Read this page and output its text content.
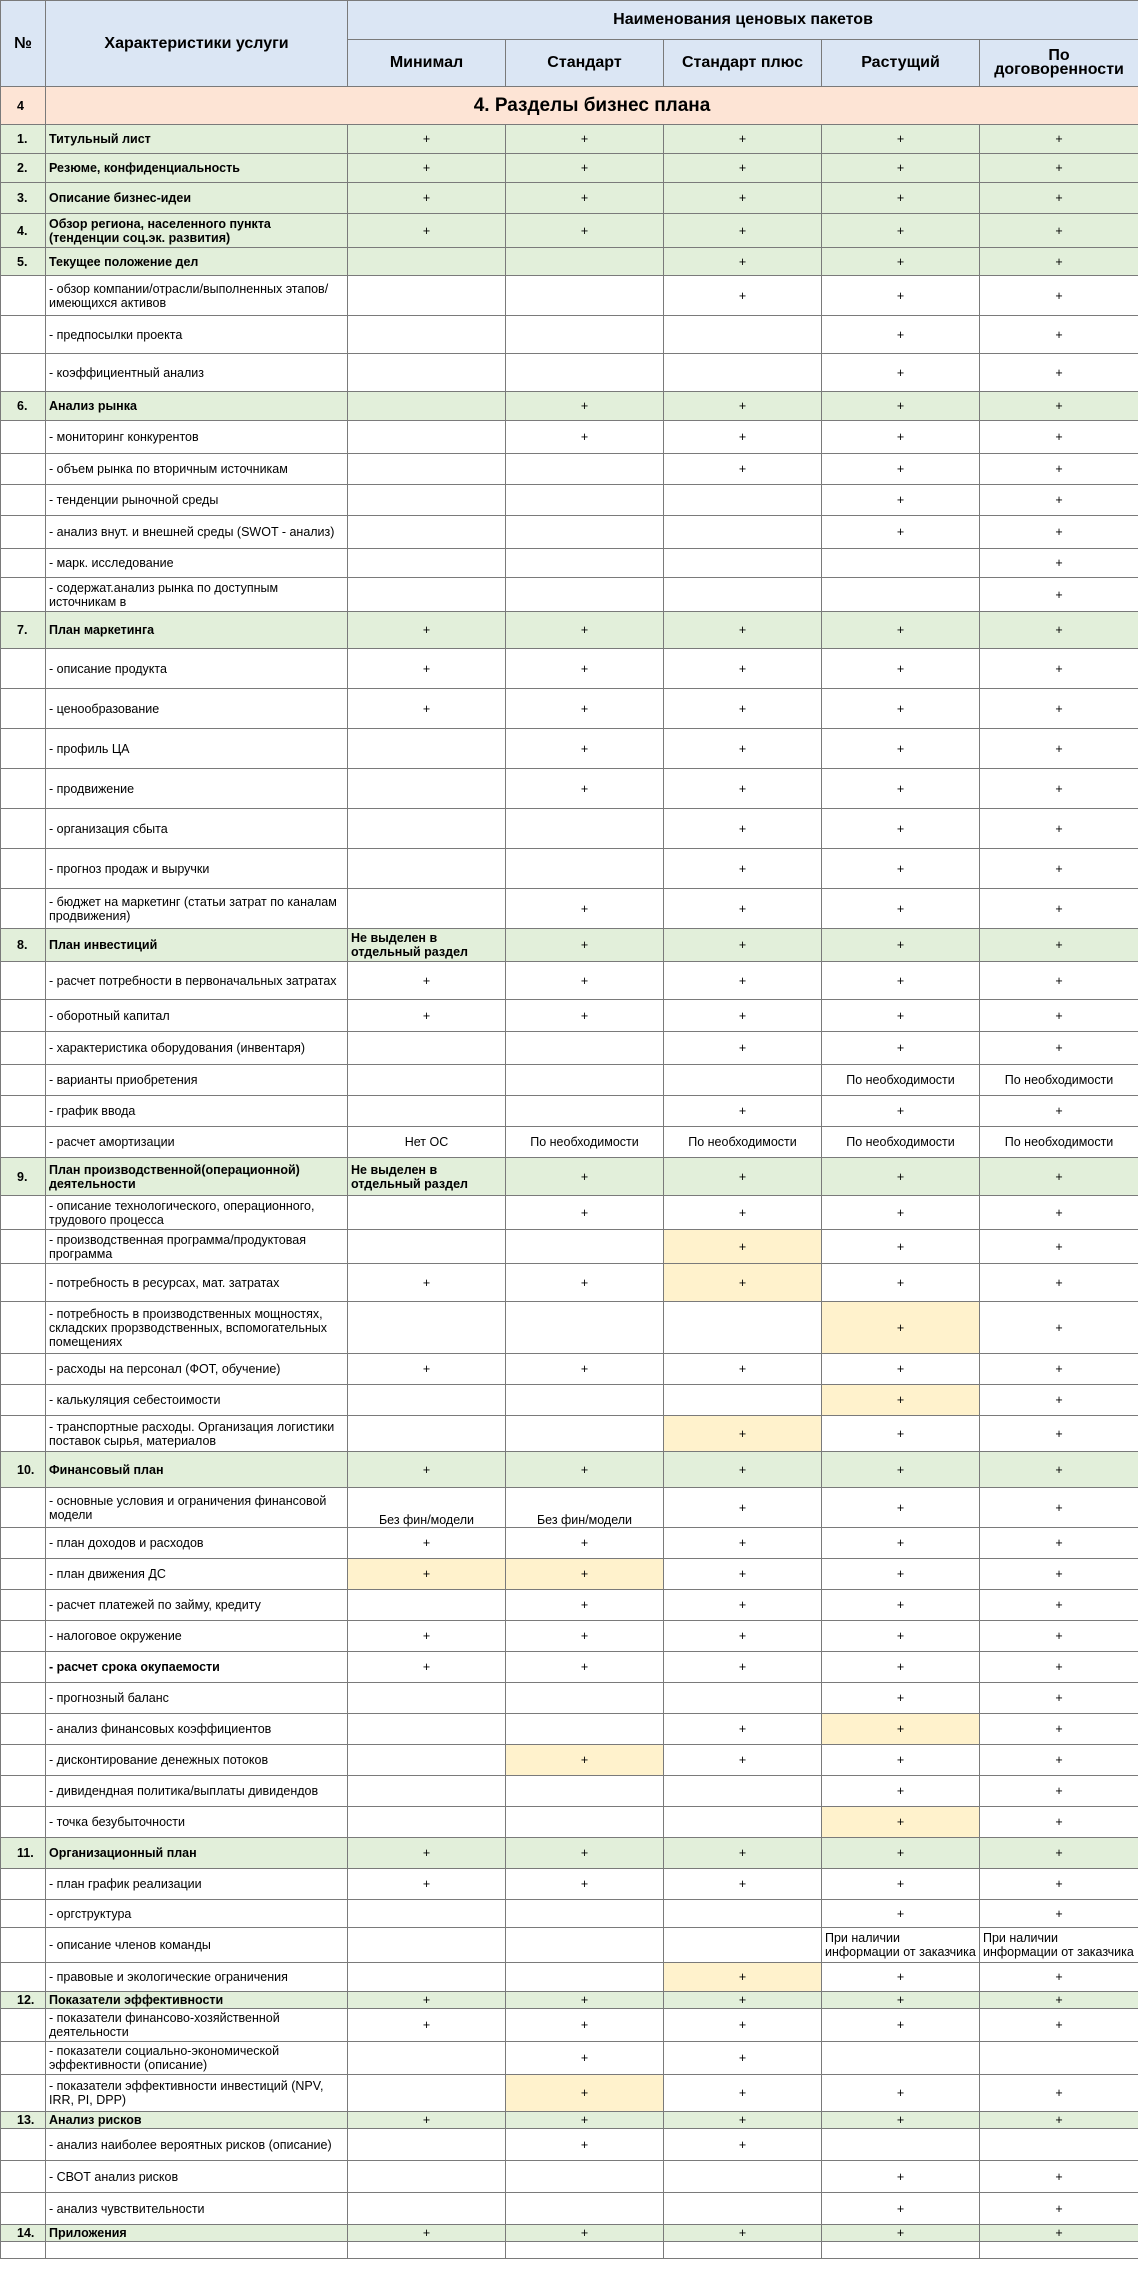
№	Характеристики услуги	Наименования ценовых пакетов				
		Минимал	Стандарт	Стандарт плюс	Растущий	По договоренности
4	4. Разделы бизнес плана					
1.	Титульный лист	+	+	+	+	+
2.	Резюме, конфиденциальность	+	+	+	+	+
3.	Описание бизнес-идеи	+	+	+	+	+
4.	Обзор региона, населенного пункта (тенденции соц.эк. развития)	+	+	+	+	+
5.	Текущее положение дел			+	+	+
	- обзор компании/отрасли/выполненных этапов/имеющихся активов			+	+	+
	- предпосылки проекта				+	+
	- коэффициентный анализ				+	+
6.	Анализ рынка		+	+	+	+
	- мониторинг конкурентов		+	+	+	+
	- объем рынка по вторичным источникам			+	+	+
	- тенденции рыночной среды				+	+
	- анализ внут. и внешней среды (SWOT - анализ)				+	+
	- марк. исследование					+
	- содержат.анализ рынка по доступным источникам в					+
7.	План маркетинга	+	+	+	+	+
	- описание продукта	+	+	+	+	+
	- ценообразование	+	+	+	+	+
	- профиль ЦА		+	+	+	+
	- продвижение		+	+	+	+
	- организация сбыта			+	+	+
	- прогноз продаж и выручки			+	+	+
	- бюджет на маркетинг (статьи затрат по каналам продвижения)		+	+	+	+
8.	План инвестиций	Не выделен в отдельный раздел	+	+	+	+
	- расчет потребности в первоначальных затратах	+	+	+	+	+
	- оборотный капитал	+	+	+	+	+
	- характеристика оборудования (инвентаря)			+	+	+
	- варианты приобретения				По необходимости	По необходимости
	- график ввода			+	+	+
	- расчет амортизации	Нет ОС	По необходимости	По необходимости	По необходимости	По необходимости
9.	План производственной(операционной) деятельности	Не выделен в отдельный раздел	+	+	+	+
	- описание технологического, операционного, трудового процесса		+	+	+	+
	- производственная программа/продуктовая программа			+	+	+
	- потребность в ресурсах, мат. затратах	+	+	+	+	+
	- потребность в производственных мощностях, складских прорзводственных, вспомогательных помещениях				+	+
	- расходы на персонал (ФОТ, обучение)	+	+	+	+	+
	- калькуляция себестоимости				+	+
	- транспортные расходы. Организация логистики поставок сырья, материалов			+	+	+
10.	Финансовый план	+	+	+	+	+
	- основные условия и ограничения финансовой модели	Без фин/модели	Без фин/модели	+	+	+
	- план доходов и расходов	+	+	+	+	+
	- план движения ДС	+	+	+	+	+
	- расчет платежей по займу, кредиту		+	+	+	+
	- налоговое окружение	+	+	+	+	+
	- расчет срока окупаемости	+	+	+	+	+
	- прогнозный баланс				+	+
	- анализ финансовых коэффициентов			+	+	+
	- дисконтирование денежных потоков		+	+	+	+
	- дивидендная политика/выплаты дивидендов				+	+
	- точка безубыточности				+	+
11.	Организационный план	+	+	+	+	+
	- план график реализации	+	+	+	+	+
	- оргструктура				+	+
	- описание членов команды				При наличии информации от заказчика	При наличии информации от заказчика
	- правовые и экологические ограничения			+	+	+
12.	Показатели эффективности	+	+	+	+	+
	- показатели финансово-хозяйственной деятельности	+	+	+	+	+
	- показатели социально-экономической эффективности (описание)		+	+		
	- показатели эффективности инвестиций (NPV, IRR, PI, DPP)		+	+	+	+
13.	Анализ рисков	+	+	+	+	+
	- анализ наиболее вероятных рисков (описание)		+	+		
	- СВОТ анализ рисков				+	+
	- анализ чувствительности				+	+
14.	Приложения	+	+	+	+	+
